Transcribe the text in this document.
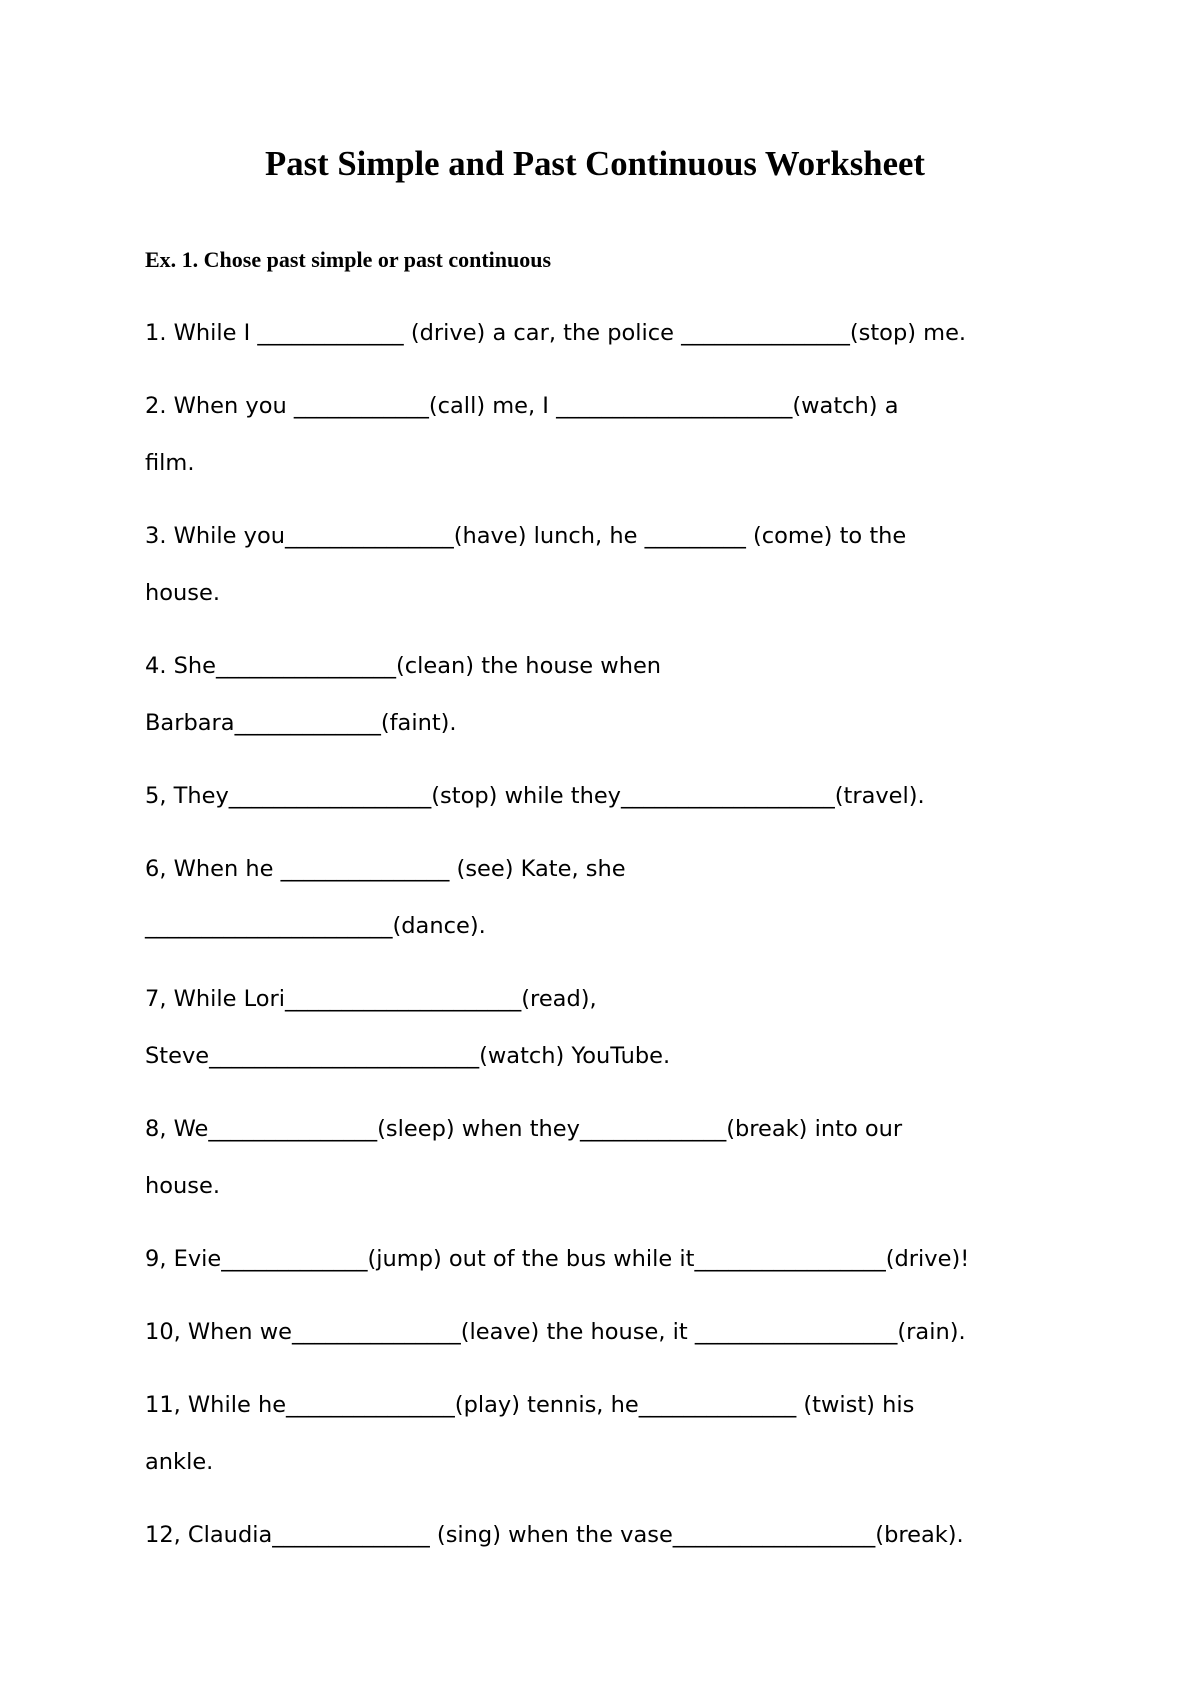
Past Simple and Past Continuous Worksheet
Ex. 1. Chose past simple or past continuous
1. While I _____________ (drive) a car, the police _______________(stop) me.
2. When you ____________(call) me, I _____________________(watch) a
film.
3. While you_______________(have) lunch, he _________ (come) to the
house.
4. She________________(clean) the house when
Barbara_____________(faint).
5, They__________________(stop) while they___________________(travel).
6, When he _______________ (see) Kate, she
______________________(dance).
7, While Lori_____________________(read),
Steve________________________(watch) YouTube.
8, We_______________(sleep) when they_____________(break) into our
house.
9, Evie_____________(jump) out of the bus while it_________________(drive)!
10, When we_______________(leave) the house, it __________________(rain).
11, While he_______________(play) tennis, he______________ (twist) his
ankle.
12, Claudia______________ (sing) when the vase__________________(break).
